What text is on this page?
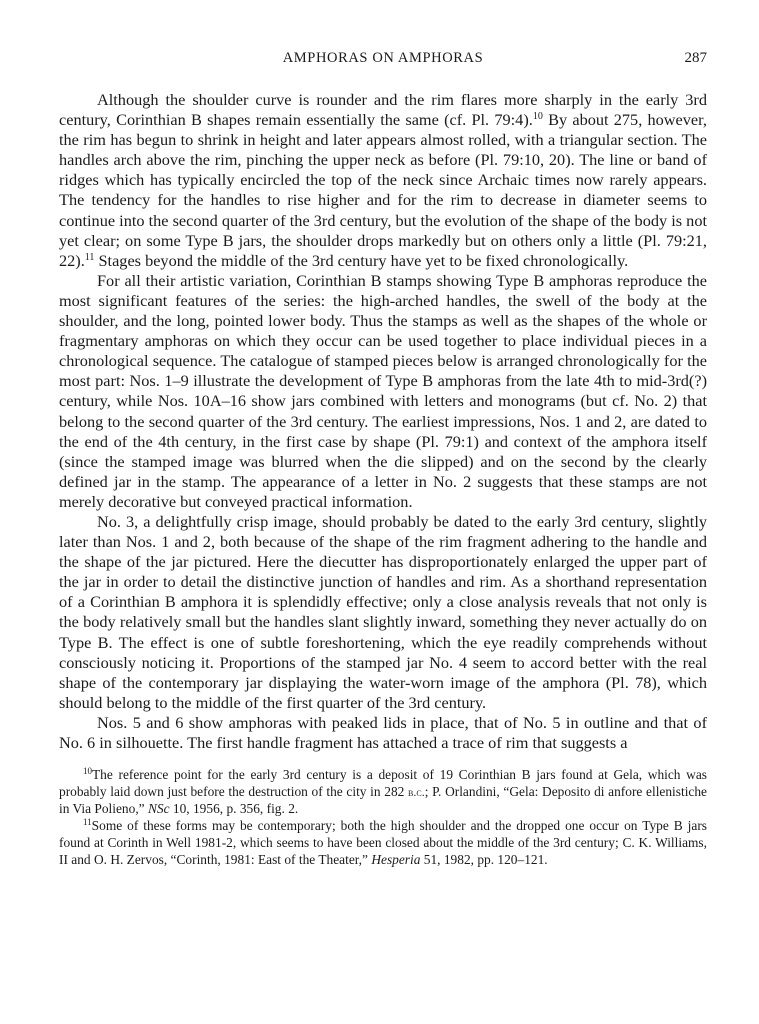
AMPHORAS ON AMPHORAS	287

Although the shoulder curve is rounder and the rim flares more sharply in the early 3rd century, Corinthian B shapes remain essentially the same (cf. Pl. 79:4).$^{10}$ By about 275, however, the rim has begun to shrink in height and later appears almost rolled, with a triangular section. The handles arch above the rim, pinching the upper neck as before (Pl. 79:10, 20). The line or band of ridges which has typically encircled the top of the neck since Archaic times now rarely appears. The tendency for the handles to rise higher and for the rim to decrease in diameter seems to continue into the second quarter of the 3rd century, but the evolution of the shape of the body is not yet clear; on some Type B jars, the shoulder drops markedly but on others only a little (Pl. 79:21, 22).$^{11}$ Stages beyond the middle of the 3rd century have yet to be fixed chronologically.

For all their artistic variation, Corinthian B stamps showing Type B amphoras reproduce the most significant features of the series: the high-arched handles, the swell of the body at the shoulder, and the long, pointed lower body. Thus the stamps as well as the shapes of the whole or fragmentary amphoras on which they occur can be used together to place individual pieces in a chronological sequence. The catalogue of stamped pieces below is arranged chronologically for the most part: Nos. 1–9 illustrate the development of Type B amphoras from the late 4th to mid-3rd(?) century, while Nos. 10A–16 show jars combined with letters and monograms (but cf. No. 2) that belong to the second quarter of the 3rd century. The earliest impressions, Nos. 1 and 2, are dated to the end of the 4th century, in the first case by shape (Pl. 79:1) and context of the amphora itself (since the stamped image was blurred when the die slipped) and on the second by the clearly defined jar in the stamp. The appearance of a letter in No. 2 suggests that these stamps are not merely decorative but conveyed practical information.

No. 3, a delightfully crisp image, should probably be dated to the early 3rd century, slightly later than Nos. 1 and 2, both because of the shape of the rim fragment adhering to the handle and the shape of the jar pictured. Here the diecutter has disproportionately enlarged the upper part of the jar in order to detail the distinctive junction of handles and rim. As a shorthand representation of a Corinthian B amphora it is splendidly effective; only a close analysis reveals that not only is the body relatively small but the handles slant slightly inward, something they never actually do on Type B. The effect is one of subtle foreshortening, which the eye readily comprehends without consciously noticing it. Proportions of the stamped jar No. 4 seem to accord better with the real shape of the contemporary jar displaying the water-worn image of the amphora (Pl. 78), which should belong to the middle of the first quarter of the 3rd century.

Nos. 5 and 6 show amphoras with peaked lids in place, that of No. 5 in outline and that of No. 6 in silhouette. The first handle fragment has attached a trace of rim that suggests a

$^{10}$The reference point for the early 3rd century is a deposit of 19 Corinthian B jars found at Gela, which was probably laid down just before the destruction of the city in 282 b.c.; P. Orlandini, “Gela: Deposito di anfore ellenistiche in Via Polieno,” NSc 10, 1956, p. 356, fig. 2.

$^{11}$Some of these forms may be contemporary; both the high shoulder and the dropped one occur on Type B jars found at Corinth in Well 1981-2, which seems to have been closed about the middle of the 3rd century; C. K. Williams, II and O. H. Zervos, “Corinth, 1981: East of the Theater,” Hesperia 51, 1982, pp. 120–121.
